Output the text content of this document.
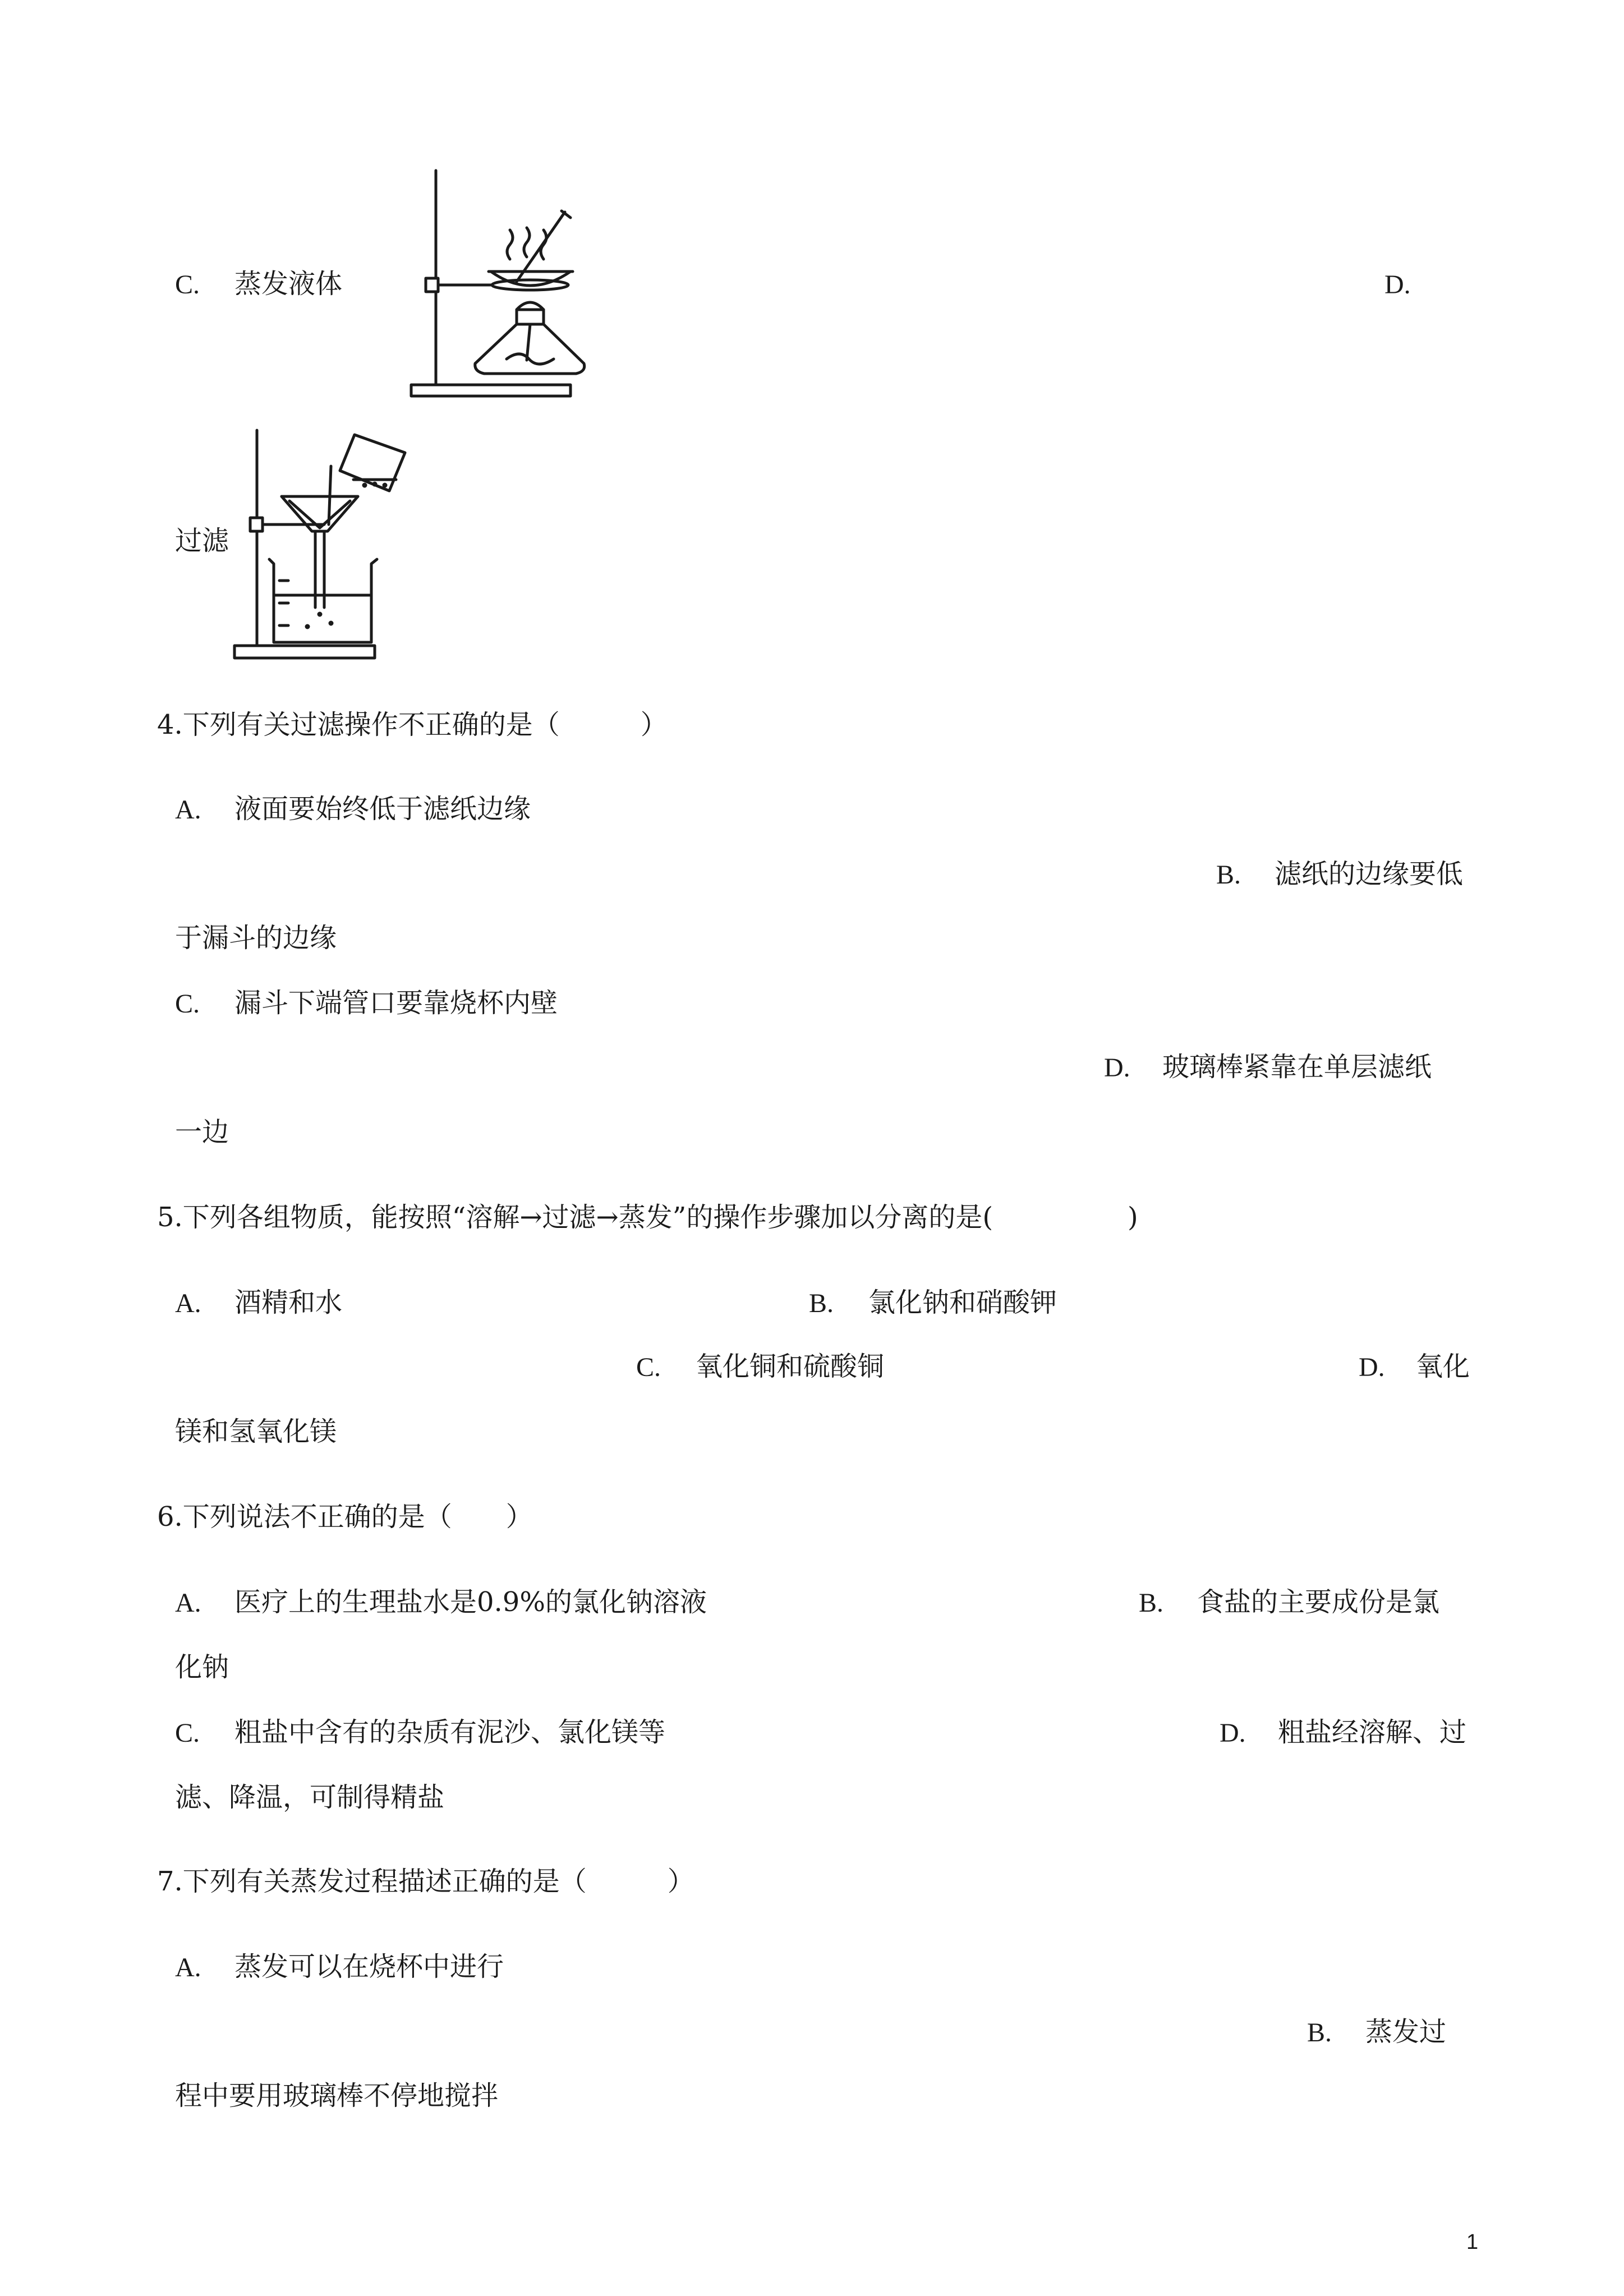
C. 蒸发液体	D.
过滤
4.下列有关过滤操作不正确的是（　　　）
A. 液面要始终低于滤纸边缘
B. 滤纸的边缘要低
于漏斗的边缘
C. 漏斗下端管口要靠烧杯内壁
D. 玻璃棒紧靠在单层滤纸
一边
5.下列各组物质，能按照“溶解→过滤→蒸发”的操作步骤加以分离的是(　　　　　)
A. 酒精和水	B. 氯化钠和硝酸钾
C. 氧化铜和硫酸铜	D. 氧化
镁和氢氧化镁
6.下列说法不正确的是（　　）
A. 医疗上的生理盐水是0.9%的氯化钠溶液	B. 食盐的主要成份是氯
化钠
C. 粗盐中含有的杂质有泥沙、氯化镁等	D. 粗盐经溶解、过
滤、降温，可制得精盐
7.下列有关蒸发过程描述正确的是（　　　）
A. 蒸发可以在烧杯中进行
B. 蒸发过
程中要用玻璃棒不停地搅拌
1
